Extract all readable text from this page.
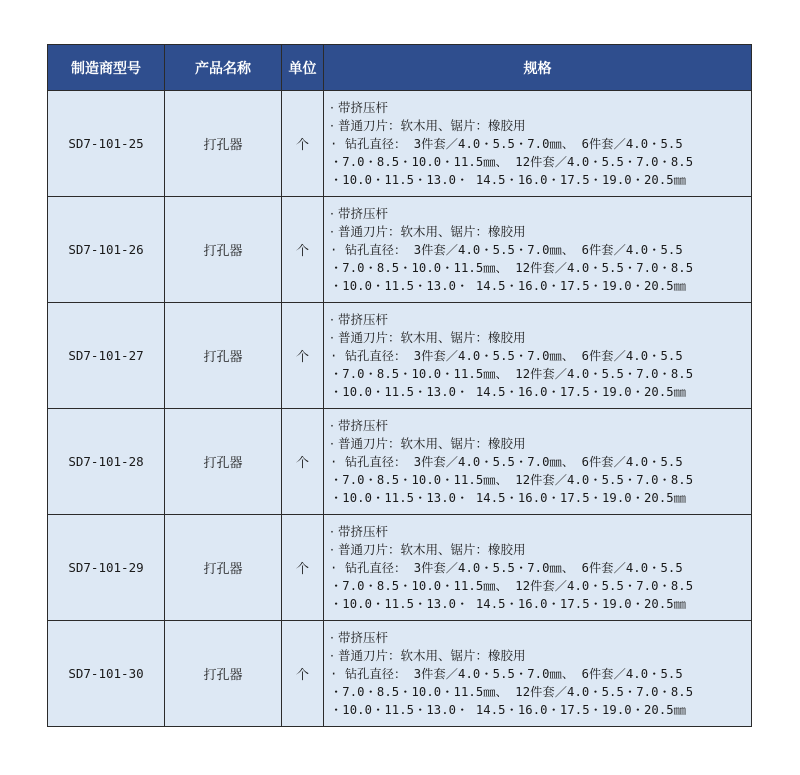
制造商型号	产品名称	单位	规格
SD7-101-25	打孔器	个	· 带挤压杆
· 普通刀片：软木用、锯片：橡胶用
· 钻孔直径： 3件套／4.0・5.5・7.0㎜、 6件套／4.0・5.5
・7.0・8.5・10.0・11.5㎜、 12件套／4.0・5.5・7.0・8.5
・10.0・11.5・13.0・ 14.5・16.0・17.5・19.0・20.5㎜

SD7-101-26	打孔器	个	· 带挤压杆
· 普通刀片：软木用、锯片：橡胶用
· 钻孔直径： 3件套／4.0・5.5・7.0㎜、 6件套／4.0・5.5
・7.0・8.5・10.0・11.5㎜、 12件套／4.0・5.5・7.0・8.5
・10.0・11.5・13.0・ 14.5・16.0・17.5・19.0・20.5㎜

SD7-101-27	打孔器	个	· 带挤压杆
· 普通刀片：软木用、锯片：橡胶用
· 钻孔直径： 3件套／4.0・5.5・7.0㎜、 6件套／4.0・5.5
・7.0・8.5・10.0・11.5㎜、 12件套／4.0・5.5・7.0・8.5
・10.0・11.5・13.0・ 14.5・16.0・17.5・19.0・20.5㎜

SD7-101-28	打孔器	个	· 带挤压杆
· 普通刀片：软木用、锯片：橡胶用
· 钻孔直径： 3件套／4.0・5.5・7.0㎜、 6件套／4.0・5.5
・7.0・8.5・10.0・11.5㎜、 12件套／4.0・5.5・7.0・8.5
・10.0・11.5・13.0・ 14.5・16.0・17.5・19.0・20.5㎜

SD7-101-29	打孔器	个	· 带挤压杆
· 普通刀片：软木用、锯片：橡胶用
· 钻孔直径： 3件套／4.0・5.5・7.0㎜、 6件套／4.0・5.5
・7.0・8.5・10.0・11.5㎜、 12件套／4.0・5.5・7.0・8.5
・10.0・11.5・13.0・ 14.5・16.0・17.5・19.0・20.5㎜

SD7-101-30	打孔器	个	· 带挤压杆
· 普通刀片：软木用、锯片：橡胶用
· 钻孔直径： 3件套／4.0・5.5・7.0㎜、 6件套／4.0・5.5
・7.0・8.5・10.0・11.5㎜、 12件套／4.0・5.5・7.0・8.5
・10.0・11.5・13.0・ 14.5・16.0・17.5・19.0・20.5㎜
